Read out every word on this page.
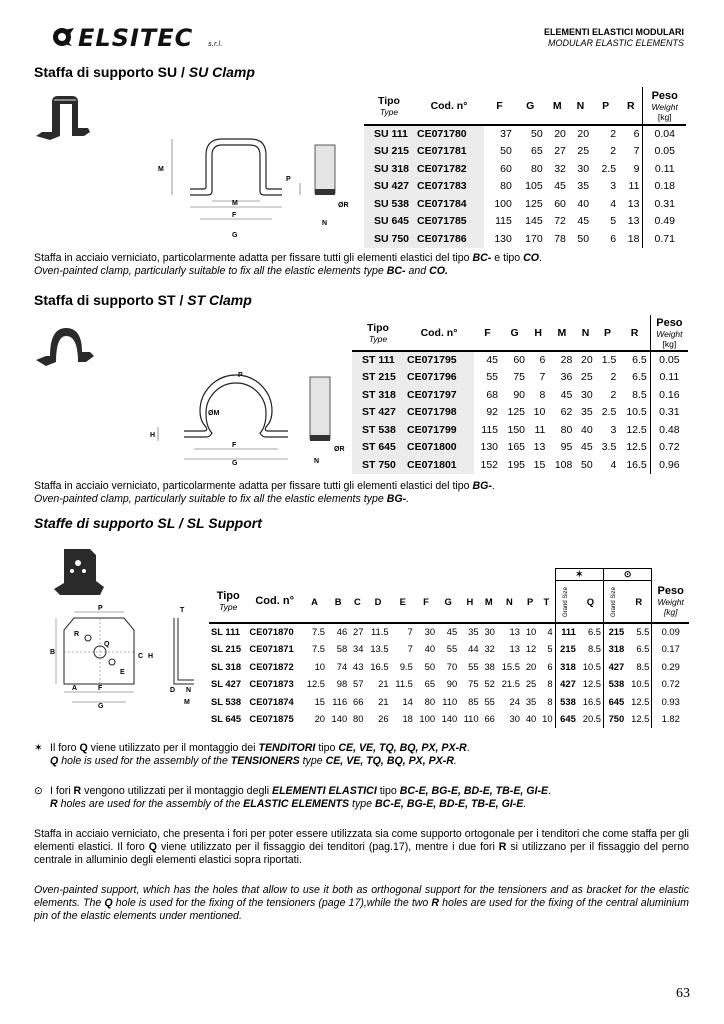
ELSITEC s.r.l.
ELEMENTI ELASTICI MODULARI
MODULAR ELASTIC ELEMENTS
Staffa di supporto SU / SU Clamp
M
M
F
G
P
ØR
N
Tipo
Type	Cod. n°	F	G	M	N	P	R	Peso
Weight
[kg]

SU 111	CE071780	37	50	20	20	2	6	0.04
SU 215	CE071781	50	65	27	25	2	7	0.05
SU 318	CE071782	60	80	32	30	2.5	9	0.11
SU 427	CE071783	80	105	45	35	3	11	0.18
SU 538	CE071784	100	125	60	40	4	13	0.31
SU 645	CE071785	115	145	72	45	5	13	0.49
SU 750	CE071786	130	170	78	50	6	18	0.71
Staffa in acciaio verniciato, particolarmente adatta per fissare tutti gli elementi elastici del tipo BC- e tipo CO.
Oven-painted clamp, particularly suitable to fix all the elastic elements type BC- and CO.
Staffa di supporto ST / ST Clamp
P
ØM
H
F
G
ØR
N
Tipo
Type	Cod. n°	F	G	H	M	N	P	R	Peso
Weight
[kg]

ST 111	CE071795	45	60	6	28	20	1.5	6.5	0.05
ST 215	CE071796	55	75	7	36	25	2	6.5	0.11
ST 318	CE071797	68	90	8	45	30	2	8.5	0.16
ST 427	CE071798	92	125	10	62	35	2.5	10.5	0.31
ST 538	CE071799	115	150	11	80	40	3	12.5	0.48
ST 645	CE071800	130	165	13	95	45	3.5	12.5	0.72
ST 750	CE071801	152	195	15	108	50	4	16.5	0.96
Staffa in acciaio verniciato, particolarmente adatta per fissare tutti gli elementi elastici del tipo BG-.
Oven-painted clamp, particularly suitable to fix all the elastic elements type BG-.
Staffe di supporto SL / SL Support
P	T
B
R
Q
C H
E
A	F
G
D N
M
														✶		⊙		
Tipo
Type	Cod. n°	A	B	C	D	E	F	G	H	M	N	P	T	Grand Size	Q	Grand Size	R	Peso
Weight
[kg]

SL 111	CE071870	7.5	46	27	11.5	7	30	45	35	30	13	10	4	111	6.5	215	5.5	0.09
SL 215	CE071871	7.5	58	34	13.5	7	40	55	44	32	13	12	5	215	8.5	318	6.5	0.17
SL 318	CE071872	10	74	43	16.5	9.5	50	70	55	38	15.5	20	6	318	10.5	427	8.5	0.29
SL 427	CE071873	12.5	98	57	21	11.5	65	90	75	52	21.5	25	8	427	12.5	538	10.5	0.72
SL 538	CE071874	15	116	66	21	14	80	110	85	55	24	35	8	538	16.5	645	12.5	0.93
SL 645	CE071875	20	140	80	26	18	100	140	110	66	30	40	10	645	20.5	750	12.5	1.82
✶ Il foro Q viene utilizzato per il montaggio dei TENDITORI tipo CE, VE, TQ, BQ, PX, PX-R.
Q hole is used for the assembly of the TENSIONERS type CE, VE, TQ, BQ, PX, PX-R.
⊙ I fori R vengono utilizzati per il montaggio degli ELEMENTI ELASTICI tipo BC-E, BG-E, BD-E, TB-E, GI-E.
R holes are used for the assembly of the ELASTIC ELEMENTS type BC-E, BG-E, BD-E, TB-E, GI-E.
Staffa in acciaio verniciato, che presenta i fori per poter essere utilizzata sia come supporto ortogonale per i tenditori che come staffa per gli elementi elastici. Il foro Q viene utilizzato per il fissaggio dei tenditori (pag.17), mentre i due fori R si utilizzano per il fissaggio del perno centrale in alluminio degli elementi elastici sopra riportati.
Oven-painted support, which has the holes that allow to use it both as orthogonal support for the tensioners and as bracket for the elastic elements. The Q hole is used for the fixing of the tensioners (page 17),while the two R holes are used for the fixing of the central aluminium pin of the elastic elements under mentioned.
63
